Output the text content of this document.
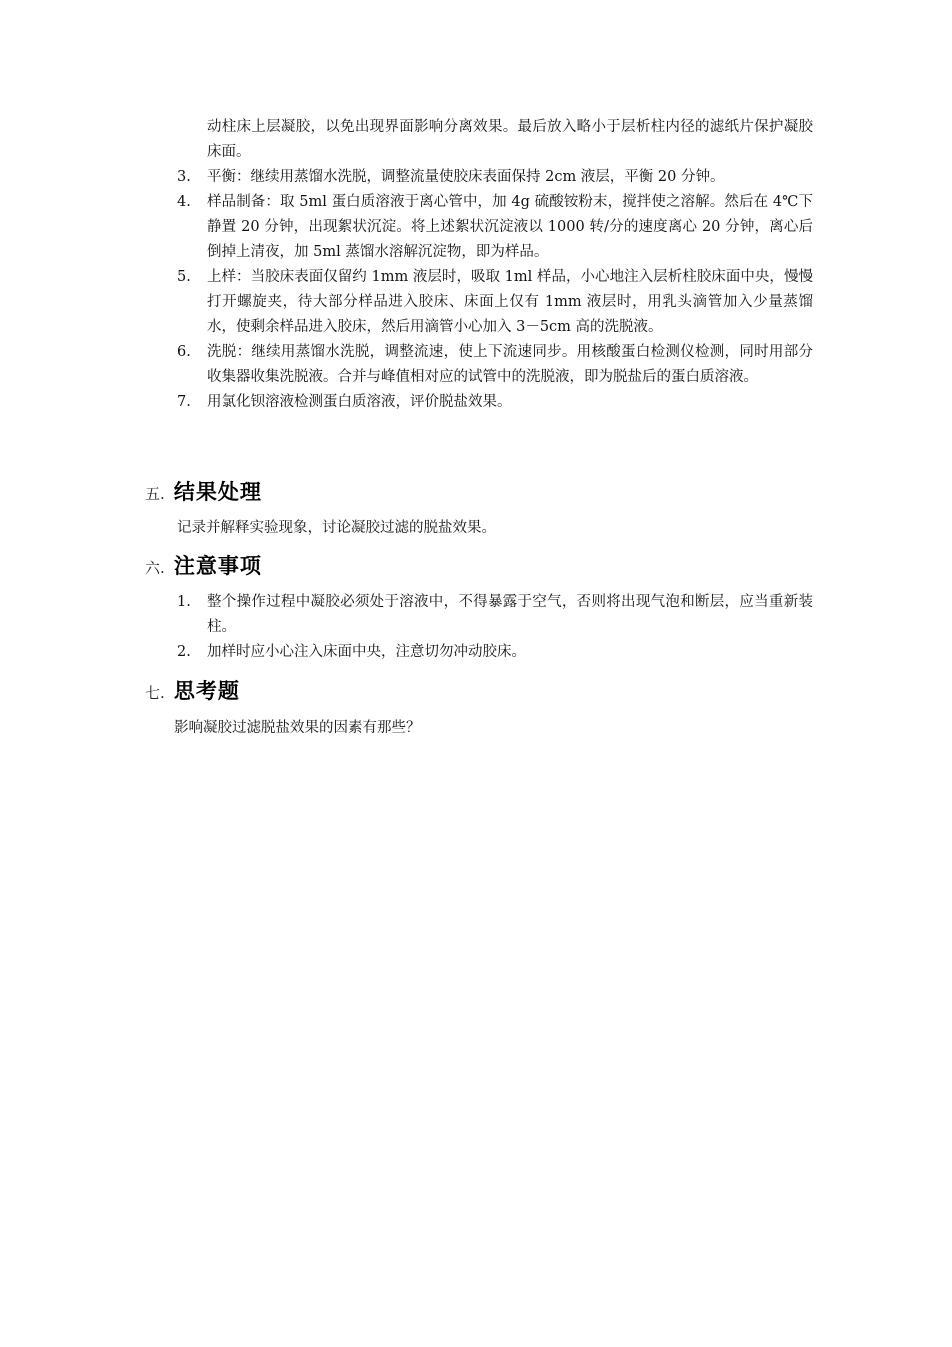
动柱床上层凝胶，以免出现界面影响分离效果。最后放入略小于层析柱内径的滤纸片保护凝胶床面。
3. 平衡：继续用蒸馏水洗脱，调整流量使胶床表面保持 2cm 液层，平衡 20 分钟。
4. 样品制备：取 5ml 蛋白质溶液于离心管中，加 4g 硫酸铵粉末，搅拌使之溶解。然后在 4℃下静置 20 分钟，出现絮状沉淀。将上述絮状沉淀液以 1000 转/分的速度离心 20 分钟，离心后倒掉上清夜，加 5ml 蒸馏水溶解沉淀物，即为样品。
5. 上样：当胶床表面仅留约 1mm 液层时，吸取 1ml 样品，小心地注入层析柱胶床面中央，慢慢打开螺旋夹，待大部分样品进入胶床、床面上仅有 1mm 液层时，用乳头滴管加入少量蒸馏水，使剩余样品进入胶床，然后用滴管小心加入 3－5cm 高的洗脱液。
6. 洗脱：继续用蒸馏水洗脱，调整流速，使上下流速同步。用核酸蛋白检测仪检测，同时用部分收集器收集洗脱液。合并与峰值相对应的试管中的洗脱液，即为脱盐后的蛋白质溶液。
7. 用氯化钡溶液检测蛋白质溶液，评价脱盐效果。
五. 结果处理
记录并解释实验现象，讨论凝胶过滤的脱盐效果。
六. 注意事项
1. 整个操作过程中凝胶必须处于溶液中，不得暴露于空气，否则将出现气泡和断层，应当重新装柱。
2. 加样时应小心注入床面中央，注意切勿冲动胶床。
七. 思考题
影响凝胶过滤脱盐效果的因素有那些？
